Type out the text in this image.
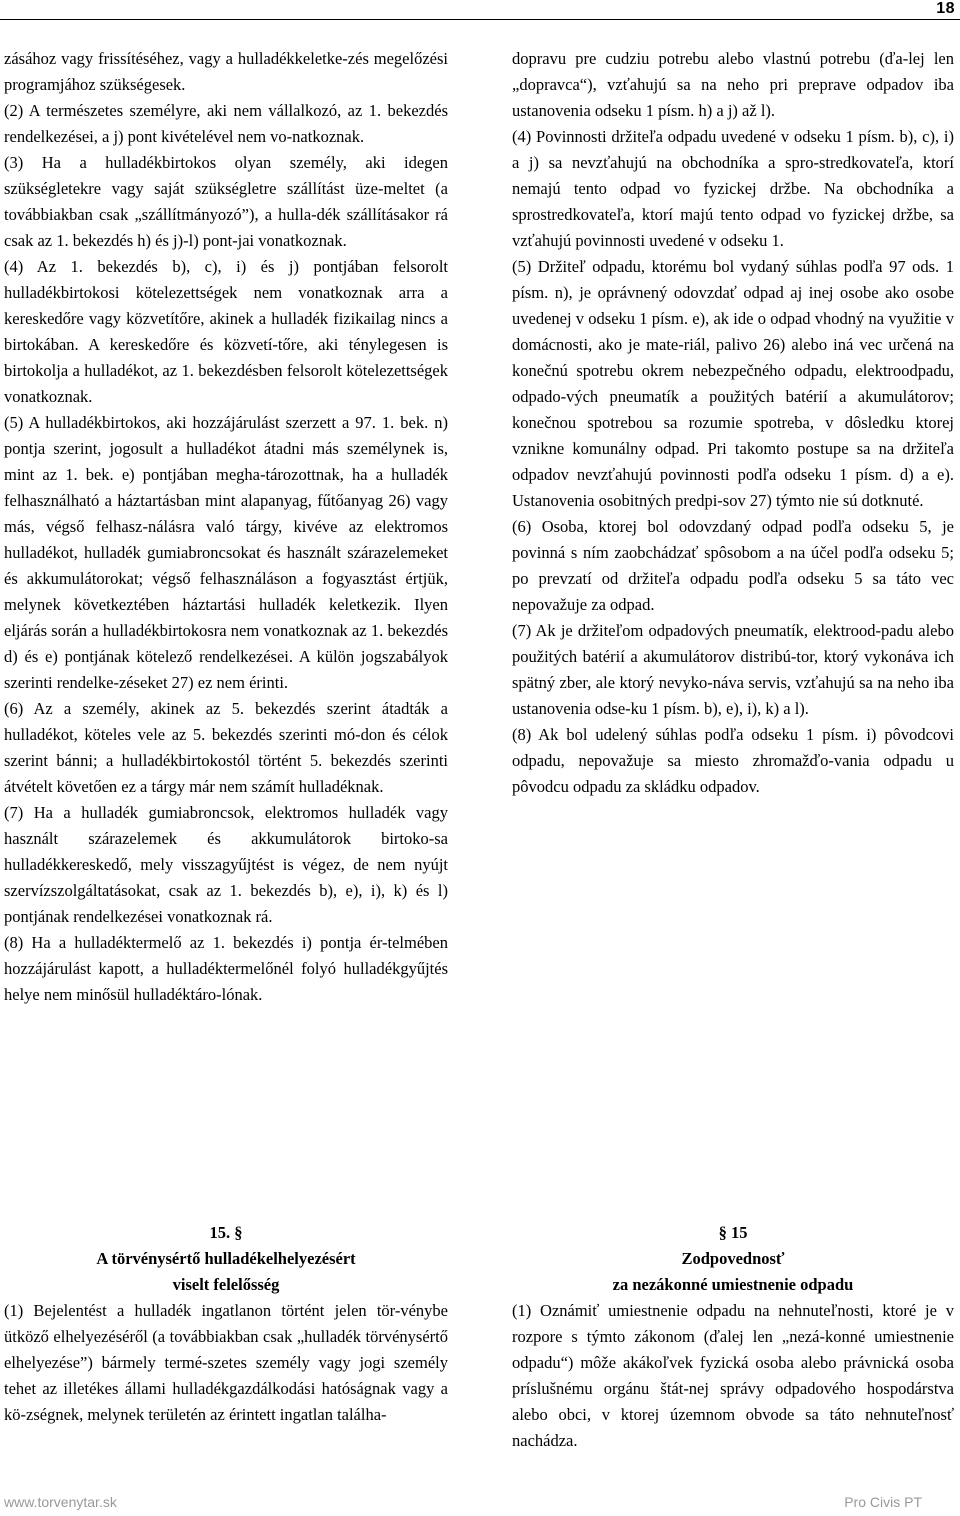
18

zásához vagy frissítéséhez, vagy a hulladékkeletke-zés megelőzési programjához szükségesek.

(2) A természetes személyre, aki nem vállalkozó, az 1. bekezdés rendelkezései, a j) pont kivételével nem vo-natkoznak.

(3) Ha a hulladékbirtokos olyan személy, aki idegen szükségletekre vagy saját szükségletre szállítást üze-meltet (a továbbiakban csak „szállítmányozó”), a hulla-dék szállításakor rá csak az 1. bekezdés h) és j)-l) pont-jai vonatkoznak.

(4) Az 1. bekezdés b), c), i) és j) pontjában felsorolt hulladékbirtokosi kötelezettségek nem vonatkoznak arra a kereskedőre vagy közvetítőre, akinek a hulladék fizikailag nincs a birtokában. A kereskedőre és közvetí-tőre, aki ténylegesen is birtokolja a hulladékot, az 1. bekezdésben felsorolt kötelezettségek vonatkoznak.

(5) A hulladékbirtokos, aki hozzájárulást szerzett a 97. 1. bek. n) pontja szerint, jogosult a hulladékot átadni más személynek is, mint az 1. bek. e) pontjában megha-tározottnak, ha a hulladék felhasználható a háztartásban mint alapanyag, fűtőanyag 26) vagy más, végső felhasz-nálásra való tárgy, kivéve az elektromos hulladékot, hulladék gumiabroncsokat és használt szárazelemeket és akkumulátorokat; végső felhasználáson a fogyasztást értjük, melynek következtében háztartási hulladék keletkezik. Ilyen eljárás során a hulladékbirtokosra nem vonatkoznak az 1. bekezdés d) és e) pontjának kötelező rendelkezései. A külön jogszabályok szerinti rendelke-zéseket 27) ez nem érinti.

(6) Az a személy, akinek az 5. bekezdés szerint átadták a hulladékot, köteles vele az 5. bekezdés szerinti mó-don és célok szerint bánni; a hulladékbirtokostól történt 5. bekezdés szerinti átvételt követően ez a tárgy már nem számít hulladéknak.

(7) Ha a hulladék gumiabroncsok, elektromos hulladék vagy használt szárazelemek és akkumulátorok birtoko-sa hulladékkereskedő, mely visszagyűjtést is végez, de nem nyújt szervízszolgáltatásokat, csak az 1. bekezdés b), e), i), k) és l) pontjának rendelkezései vonatkoznak rá.

(8) Ha a hulladéktermelő az 1. bekezdés i) pontja ér-telmében hozzájárulást kapott, a hulladéktermelőnél folyó hulladékgyűjtés helye nem minősül hulladéktáro-lónak.

dopravu pre cudziu potrebu alebo vlastnú potrebu (ďa-lej len „dopravca“), vzťahujú sa na neho pri preprave odpadov iba ustanovenia odseku 1 písm. h) a j) až l).

(4) Povinnosti držiteľa odpadu uvedené v odseku 1 písm. b), c), i) a j) sa nevzťahujú na obchodníka a spro-stredkovateľa, ktorí nemajú tento odpad vo fyzickej držbe. Na obchodníka a sprostredkovateľa, ktorí majú tento odpad vo fyzickej držbe, sa vzťahujú povinnosti uvedené v odseku 1.

(5) Držiteľ odpadu, ktorému bol vydaný súhlas podľa 97 ods. 1 písm. n), je oprávnený odovzdať odpad aj inej osobe ako osobe uvedenej v odseku 1 písm. e), ak ide o odpad vhodný na využitie v domácnosti, ako je mate-riál, palivo 26) alebo iná vec určená na konečnú spotrebu okrem nebezpečného odpadu, elektroodpadu, odpado-vých pneumatík a použitých batérií a akumulátorov; konečnou spotrebou sa rozumie spotreba, v dôsledku ktorej vznikne komunálny odpad. Pri takomto postupe sa na držiteľa odpadov nevzťahujú povinnosti podľa odseku 1 písm. d) a e). Ustanovenia osobitných predpi-sov 27) týmto nie sú dotknuté.

(6) Osoba, ktorej bol odovzdaný odpad podľa odseku 5, je povinná s ním zaobchádzať spôsobom a na účel podľa odseku 5; po prevzatí od držiteľa odpadu podľa odseku 5 sa táto vec nepovažuje za odpad.

(7) Ak je držiteľom odpadových pneumatík, elektrood-padu alebo použitých batérií a akumulátorov distribú-tor, ktorý vykonáva ich spätný zber, ale ktorý nevyko-náva servis, vzťahujú sa na neho iba ustanovenia odse-ku 1 písm. b), e), i), k) a l).

(8) Ak bol udelený súhlas podľa odseku 1 písm. i) pôvodcovi odpadu, nepovažuje sa miesto zhromažďo-vania odpadu u pôvodcu odpadu za skládku odpadov.

15. §

A törvénysértő hulladékelhelyezésért

viselt felelősség

(1) Bejelentést a hulladék ingatlanon történt jelen tör-vénybe ütköző elhelyezéséről (a továbbiakban csak „hulladék törvénysértő elhelyezése”) bármely termé-szetes személy vagy jogi személy tehet az illetékes állami hulladékgazdálkodási hatóságnak vagy a kö-zségnek, melynek területén az érintett ingatlan találha-

§ 15

Zodpovednosť

za nezákonné umiestnenie odpadu

(1) Oznámiť umiestnenie odpadu na nehnuteľnosti, ktoré je v rozpore s týmto zákonom (ďalej len „nezá-konné umiestnenie odpadu“) môže akákoľvek fyzická osoba alebo právnická osoba príslušnému orgánu štát-nej správy odpadového hospodárstva alebo obci, v ktorej územnom obvode sa táto nehnuteľnosť nachádza.

www.torvenytar.sk	Pro Civis PT
